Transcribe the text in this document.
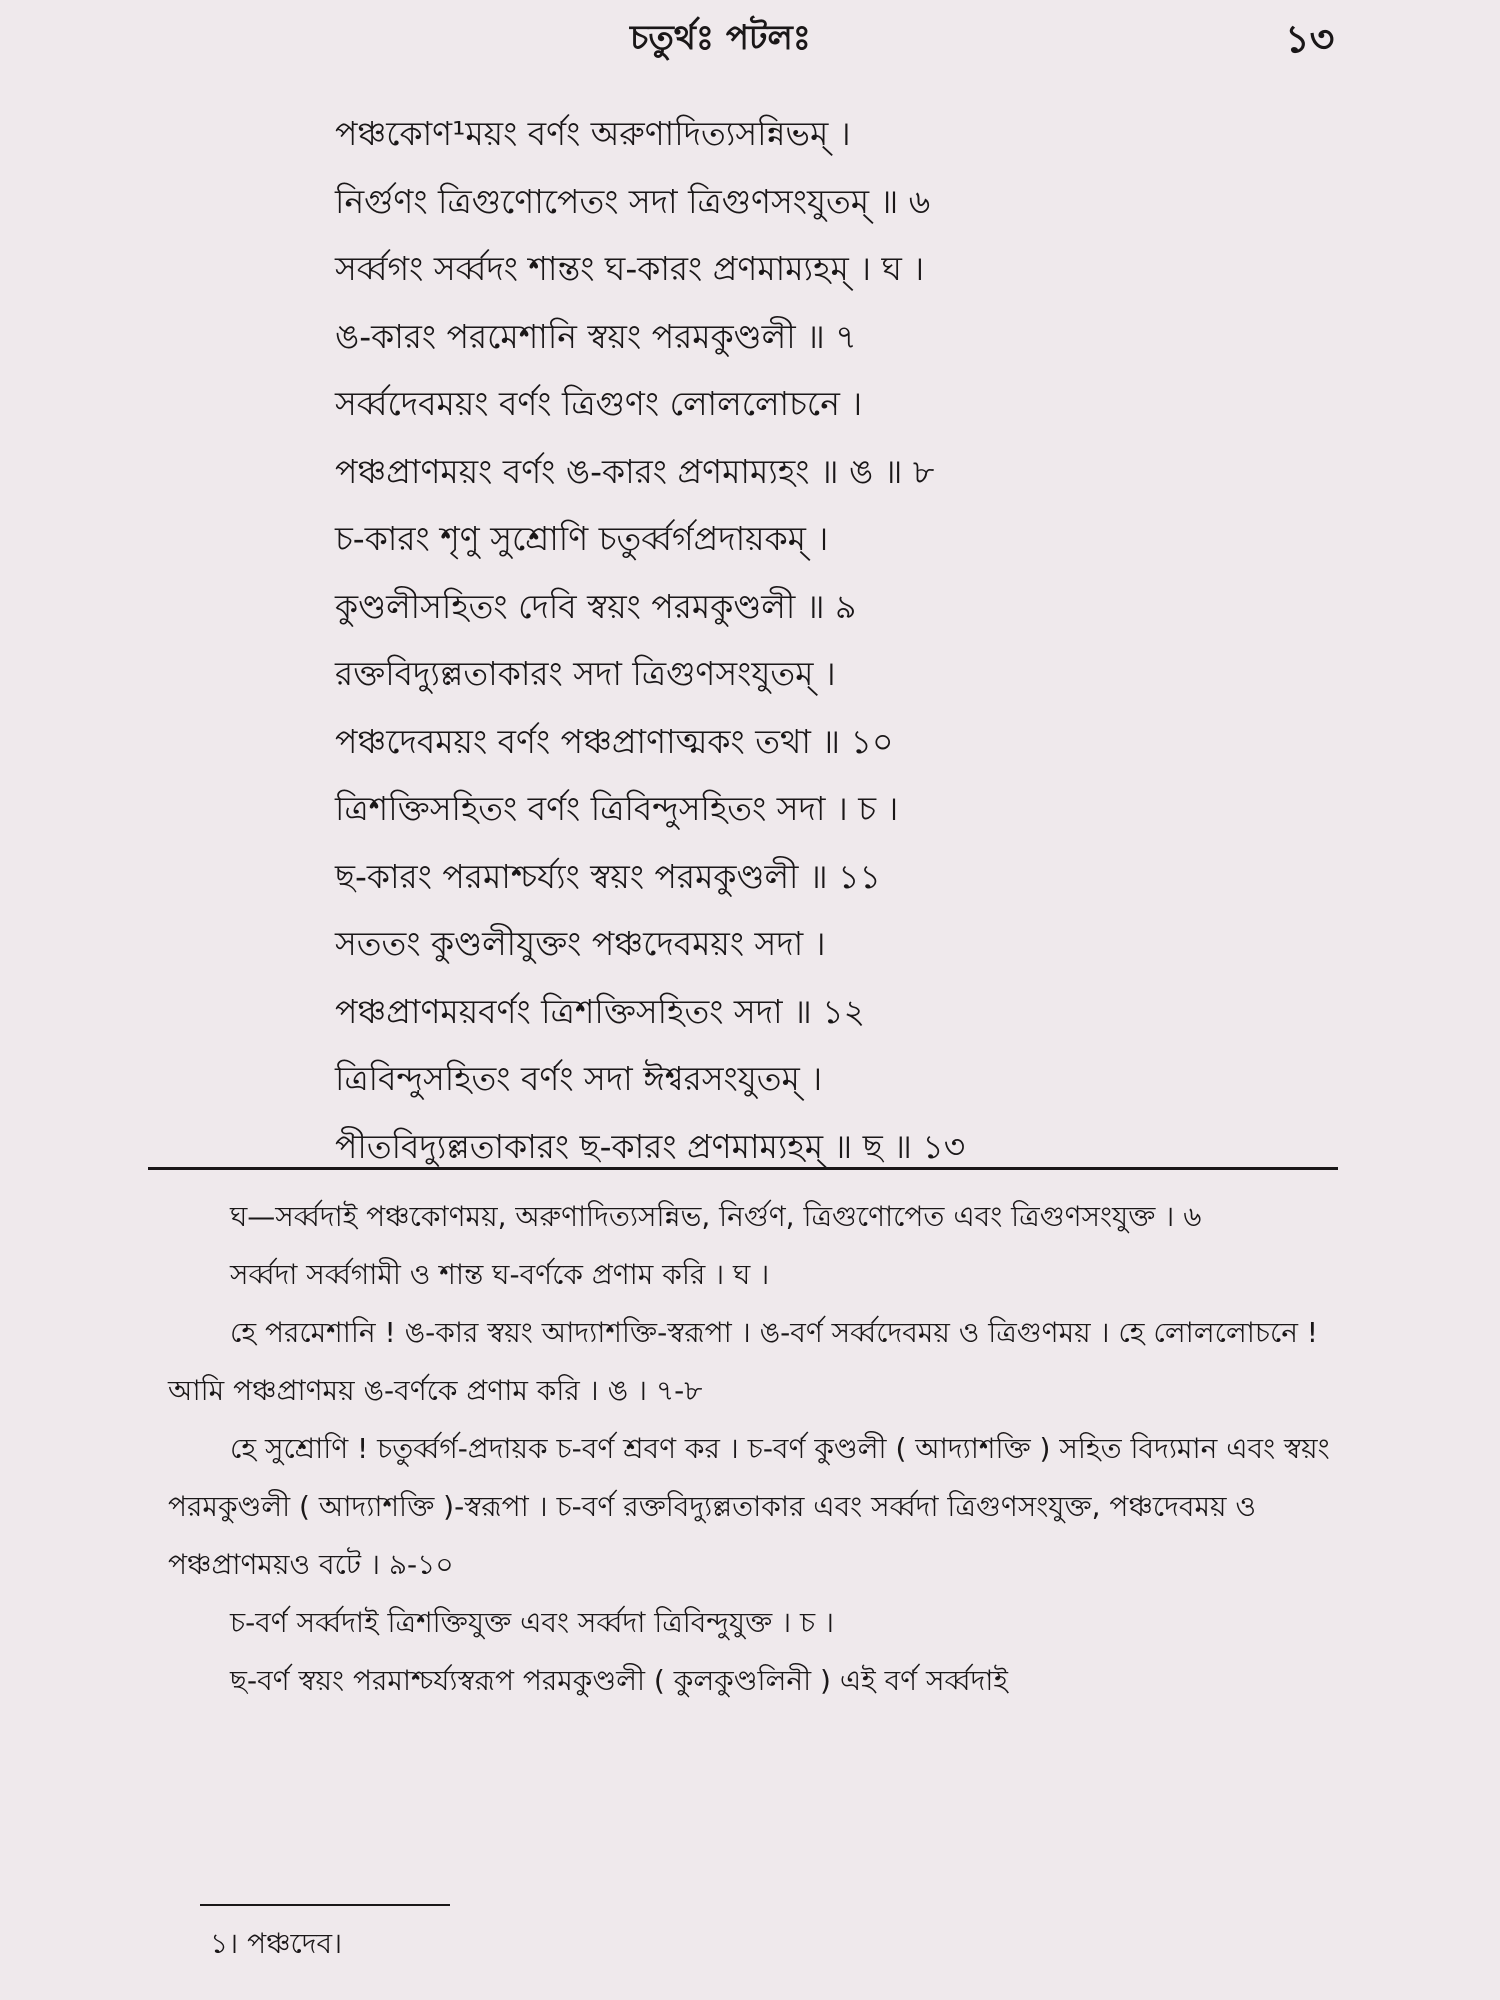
চতুর্থঃ পটলঃ	১৩
পঞ্চকোণ¹ময়ং বর্ণং অরুণাদিত্যসন্নিভম্ ।
নির্গুণং ত্রিগুণোপেতং সদা ত্রিগুণসংযুতম্ ॥ ৬
সর্ব্বগং সর্ব্বদং শান্তং ঘ-কারং প্রণমাম্যহম্ । ঘ ।
ঙ-কারং পরমেশানি স্বয়ং পরমকুণ্ডলী ॥ ৭
সর্ব্বদেবময়ং বর্ণং ত্রিগুণং লোললোচনে ।
পঞ্চপ্রাণময়ং বর্ণং ঙ-কারং প্রণমাম্যহং ॥ ঙ ॥ ৮
চ-কারং শৃণু সুশ্রোণি চতুর্ব্বর্গপ্রদায়কম্ ।
কুণ্ডলীসহিতং দেবি স্বয়ং পরমকুণ্ডলী ॥ ৯
রক্তবিদ্যুল্লতাকারং সদা ত্রিগুণসংযুতম্ ।
পঞ্চদেবময়ং বর্ণং পঞ্চপ্রাণাত্মকং তথা ॥ ১০
ত্রিশক্তিসহিতং বর্ণং ত্রিবিন্দুসহিতং সদা । চ ।
ছ-কারং পরমাশ্চর্য্যং স্বয়ং পরমকুণ্ডলী ॥ ১১
সততং কুণ্ডলীযুক্তং পঞ্চদেবময়ং সদা ।
পঞ্চপ্রাণময়বর্ণং ত্রিশক্তিসহিতং সদা ॥ ১২
ত্রিবিন্দুসহিতং বর্ণং সদা ঈশ্বরসংযুতম্ ।
পীতবিদ্যুল্লতাকারং ছ-কারং প্রণমাম্যহম্ ॥ ছ ॥ ১৩

ঘ—সর্ব্বদাই পঞ্চকোণময়, অরুণাদিত্যসন্নিভ, নির্গুণ, ত্রিগুণোপেত এবং ত্রিগুণসংযুক্ত । ৬

সর্ব্বদা সর্ব্বগামী ও শান্ত ঘ-বর্ণকে প্রণাম করি । ঘ ।

হে পরমেশানি ! ঙ-কার স্বয়ং আদ্যাশক্তি-স্বরূপা । ঙ-বর্ণ সর্ব্বদেবময় ও ত্রিগুণময় । হে লোললোচনে ! আমি পঞ্চপ্রাণময় ঙ-বর্ণকে প্রণাম করি । ঙ । ৭-৮

হে সুশ্রোণি ! চতুর্ব্বর্গ-প্রদায়ক চ-বর্ণ শ্রবণ কর । চ-বর্ণ কুণ্ডলী ( আদ্যাশক্তি ) সহিত বিদ্যমান এবং স্বয়ং পরমকুণ্ডলী ( আদ্যাশক্তি )-স্বরূপা । চ-বর্ণ রক্তবিদ্যুল্লতাকার এবং সর্ব্বদা ত্রিগুণসংযুক্ত, পঞ্চদেবময় ও পঞ্চপ্রাণময়ও বটে । ৯-১০

চ-বর্ণ সর্ব্বদাই ত্রিশক্তিযুক্ত এবং সর্ব্বদা ত্রিবিন্দুযুক্ত । চ ।

ছ-বর্ণ স্বয়ং পরমাশ্চর্য্যস্বরূপ পরমকুণ্ডলী ( কুলকুণ্ডলিনী ) এই বর্ণ সর্ব্বদাই

১। পঞ্চদেব।
